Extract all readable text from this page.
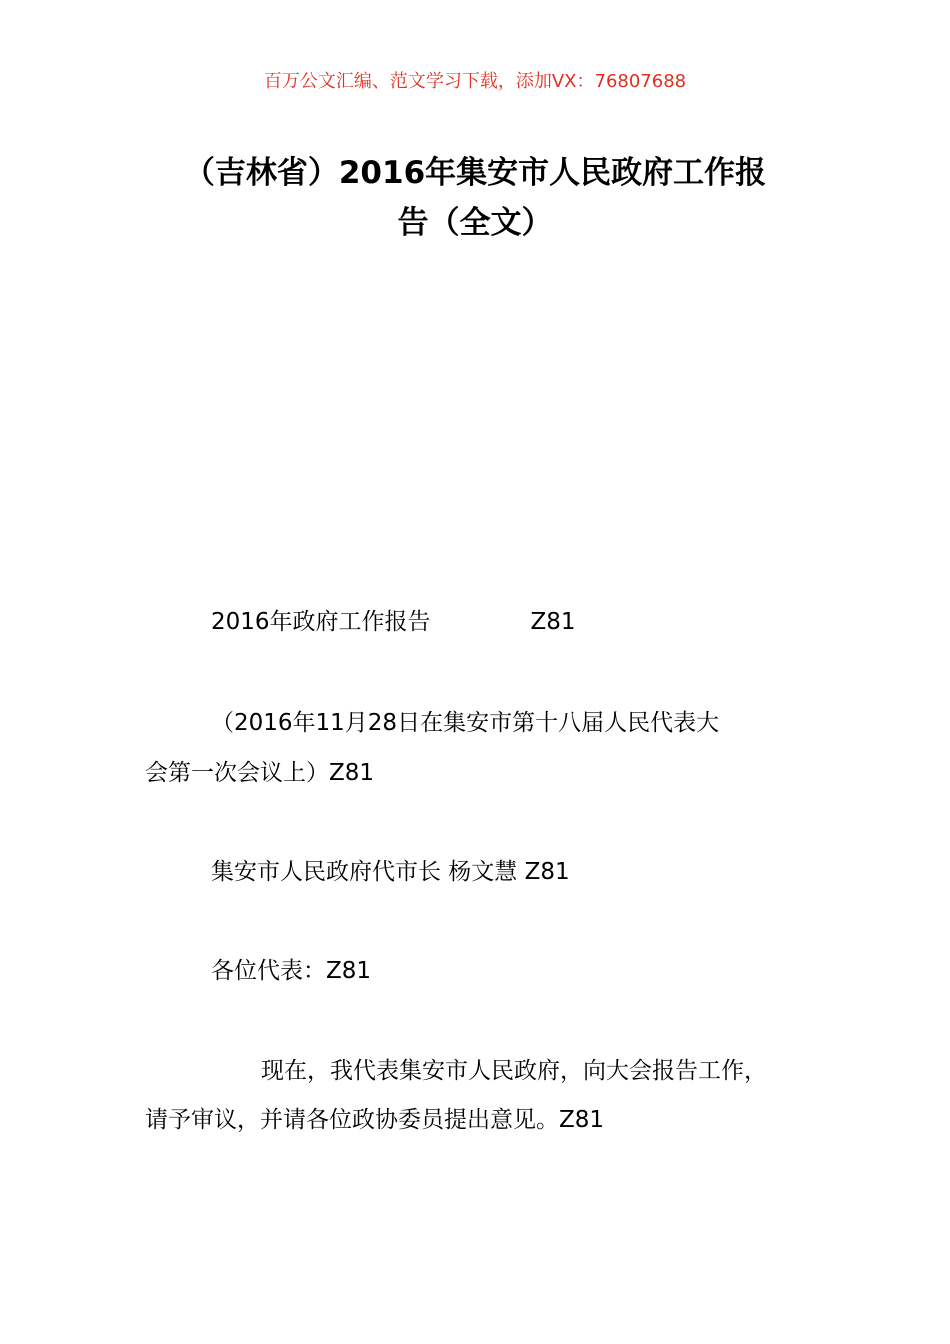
百万公文汇编、范文学习下载，添加VX：76807688
（吉林省）2016年集安市人民政府工作报
告（全文）
2016年政府工作报告	Z81
（2016年11月28日在集安市第十八届人民代表大
会第一次会议上）Z81
集安市人民政府代市长 杨文慧 Z81
各位代表：Z81
现在，我代表集安市人民政府，向大会报告工作，
请予审议，并请各位政协委员提出意见。Z81
